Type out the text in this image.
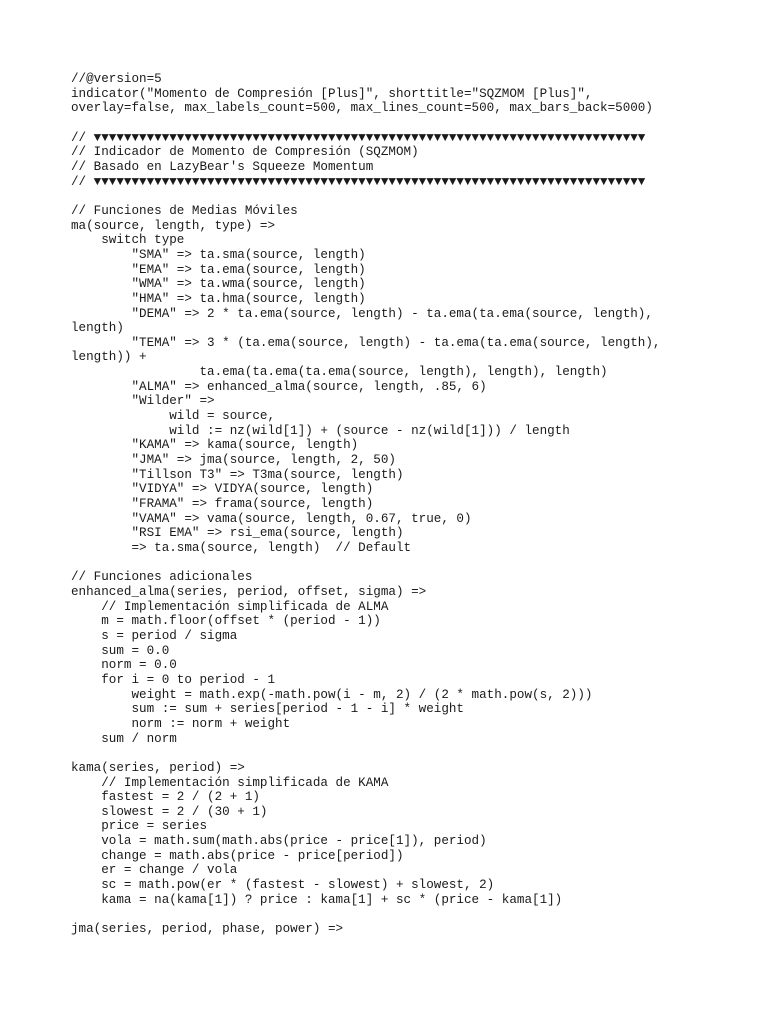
//@version=5
indicator("Momento de Compresión [Plus]", shorttitle="SQZMOM [Plus]",
overlay=false, max_labels_count=500, max_lines_count=500, max_bars_back=5000)
// ▼▼▼▼▼▼▼▼▼▼▼▼▼▼▼▼▼▼▼▼▼▼▼▼▼▼▼▼▼▼▼▼▼▼▼▼▼▼▼▼▼▼▼▼▼▼▼▼▼▼▼▼▼▼▼▼▼▼▼▼▼▼▼▼▼▼▼▼▼▼▼▼▼
// Indicador de Momento de Compresión (SQZMOM)
// Basado en LazyBear's Squeeze Momentum
// ▼▼▼▼▼▼▼▼▼▼▼▼▼▼▼▼▼▼▼▼▼▼▼▼▼▼▼▼▼▼▼▼▼▼▼▼▼▼▼▼▼▼▼▼▼▼▼▼▼▼▼▼▼▼▼▼▼▼▼▼▼▼▼▼▼▼▼▼▼▼▼▼▼
// Funciones de Medias Móviles
ma(source, length, type) =>
switch type
"SMA" => ta.sma(source, length)
"EMA" => ta.ema(source, length)
"WMA" => ta.wma(source, length)
"HMA" => ta.hma(source, length)
"DEMA" => 2 * ta.ema(source, length) - ta.ema(ta.ema(source, length),
length)
"TEMA" => 3 * (ta.ema(source, length) - ta.ema(ta.ema(source, length),
length)) +
ta.ema(ta.ema(ta.ema(source, length), length), length)
"ALMA" => enhanced_alma(source, length, .85, 6)
"Wilder" =>
wild = source,
wild := nz(wild[1]) + (source - nz(wild[1])) / length
"KAMA" => kama(source, length)
"JMA" => jma(source, length, 2, 50)
"Tillson T3" => T3ma(source, length)
"VIDYA" => VIDYA(source, length)
"FRAMA" => frama(source, length)
"VAMA" => vama(source, length, 0.67, true, 0)
"RSI EMA" => rsi_ema(source, length)
=> ta.sma(source, length)  // Default
// Funciones adicionales
enhanced_alma(series, period, offset, sigma) =>
// Implementación simplificada de ALMA
m = math.floor(offset * (period - 1))
s = period / sigma
sum = 0.0
norm = 0.0
for i = 0 to period - 1
weight = math.exp(-math.pow(i - m, 2) / (2 * math.pow(s, 2)))
sum := sum + series[period - 1 - i] * weight
norm := norm + weight
sum / norm
kama(series, period) =>
// Implementación simplificada de KAMA
fastest = 2 / (2 + 1)
slowest = 2 / (30 + 1)
price = series
vola = math.sum(math.abs(price - price[1]), period)
change = math.abs(price - price[period])
er = change / vola
sc = math.pow(er * (fastest - slowest) + slowest, 2)
kama = na(kama[1]) ? price : kama[1] + sc * (price - kama[1])
jma(series, period, phase, power) =>
